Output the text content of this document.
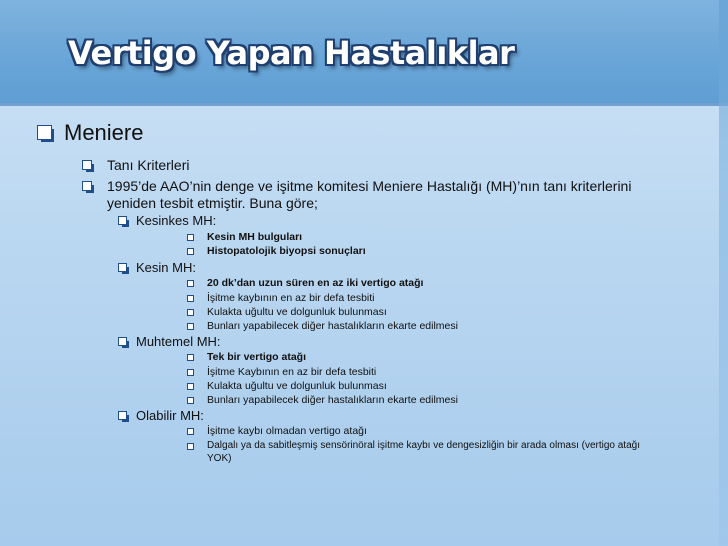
Vertigo Yapan Hastalıklar
Meniere
Tanı Kriterleri
1995’de AAO’nin denge ve işitme komitesi Meniere Hastalığı (MH)’nın tanı kriterlerini
yeniden tesbit etmiştir. Buna göre;
Kesinkes MH:
Kesin MH bulguları
Histopatolojik biyopsi sonuçları
Kesin MH:
20 dk’dan uzun süren en az iki vertigo atağı
İşitme kaybının en az bir defa tesbiti
Kulakta uğultu ve dolgunluk bulunması
Bunları yapabilecek diğer hastalıkların ekarte edilmesi
Muhtemel MH:
Tek bir vertigo atağı
İşitme Kaybının en az bir defa tesbiti
Kulakta uğultu ve dolgunluk bulunması
Bunları yapabilecek diğer hastalıkların ekarte edilmesi
Olabilir MH:
İşitme kaybı olmadan vertigo atağı
Dalgalı ya da sabitleşmiş sensörinöral işitme kaybı ve dengesizliğin bir arada olması (vertigo atağı
YOK)
